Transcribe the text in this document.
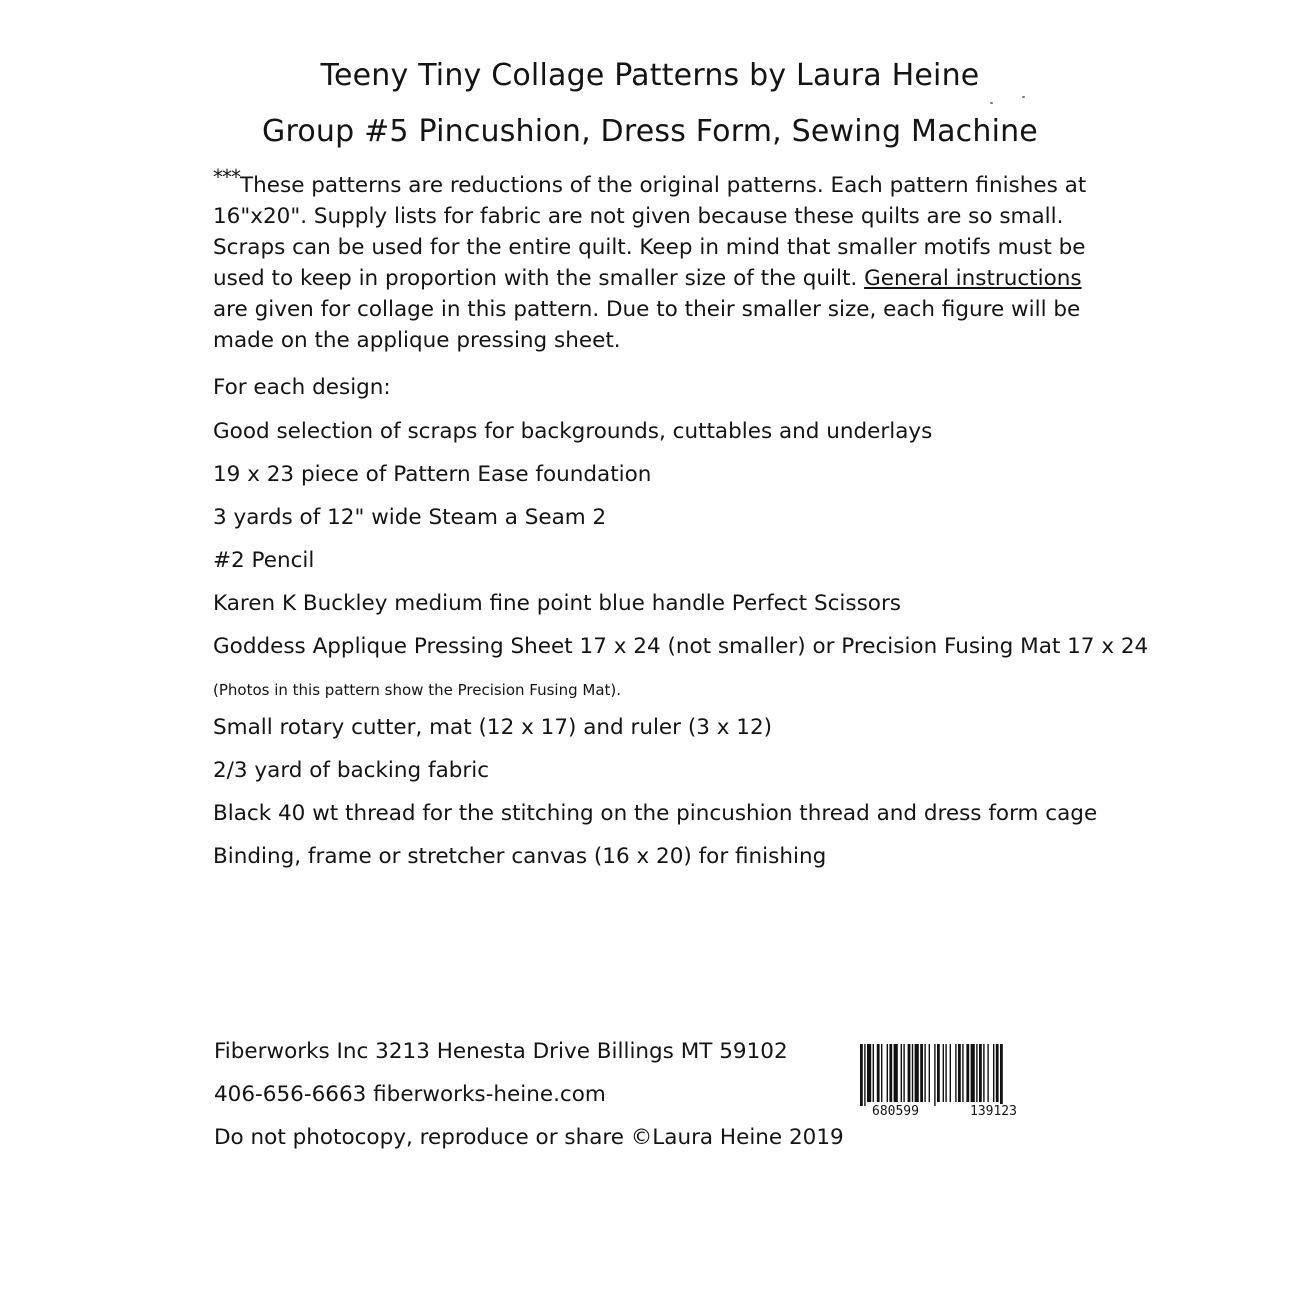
Teeny Tiny Collage Patterns by Laura Heine
Group #5 Pincushion, Dress Form, Sewing Machine
***These patterns are reductions of the original patterns. Each pattern finishes at 16"x20". Supply lists for fabric are not given because these quilts are so small. Scraps can be used for the entire quilt. Keep in mind that smaller motifs must be used to keep in proportion with the smaller size of the quilt. General instructions are given for collage in this pattern. Due to their smaller size, each figure will be made on the applique pressing sheet.
For each design:
Good selection of scraps for backgrounds, cuttables and underlays
19 x 23 piece of Pattern Ease foundation
3 yards of 12" wide Steam a Seam 2
#2 Pencil
Karen K Buckley medium fine point blue handle Perfect Scissors
Goddess Applique Pressing Sheet 17 x 24 (not smaller) or Precision Fusing Mat 17 x 24
(Photos in this pattern show the Precision Fusing Mat).
Small rotary cutter, mat (12 x 17) and ruler (3 x 12)
2/3 yard of backing fabric
Black 40 wt thread for the stitching on the pincushion thread and dress form cage
Binding, frame or stretcher canvas (16 x 20) for finishing
Fiberworks Inc 3213 Henesta Drive Billings MT 59102
406-656-6663 fiberworks-heine.com
Do not photocopy, reproduce or share ©Laura Heine 2019
680599	139123
